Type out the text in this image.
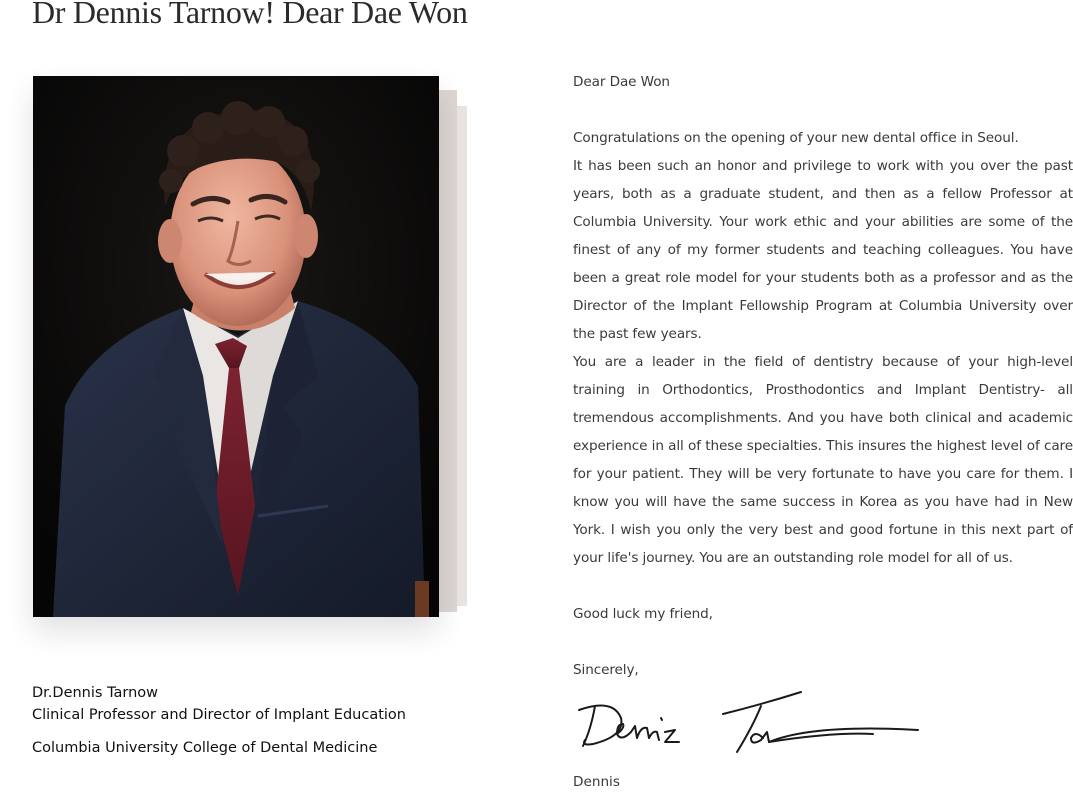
Dr Dennis Tarnow! Dear Dae Won
Dr.Dennis Tarnow
Clinical Professor and Director of Implant Education
Columbia University College of Dental Medicine

Dear Dae Won

Congratulations on the opening of your new dental office in Seoul.

It has been such an honor and privilege to work with you over the past years, both as a graduate student, and then as a fellow Professor at Columbia University. Your work ethic and your abilities are some of the finest of any of my former students and teaching colleagues. You have been a great role model for your students both as a professor and as the Director of the Implant Fellowship Program at Columbia University over the past few years.

You are a leader in the field of dentistry because of your high-level training in Orthodontics, Prosthodontics and Implant Dentistry- all tremendous accomplishments. And you have both clinical and academic experience in all of these specialties. This insures the highest level of care for your patient. They will be very fortunate to have you care for them. I know you will have the same success in Korea as you have had in New York. I wish you only the very best and good fortune in this next part of your life's journey. You are an outstanding role model for all of us.

Good luck my friend,

Sincerely,

Dennis
